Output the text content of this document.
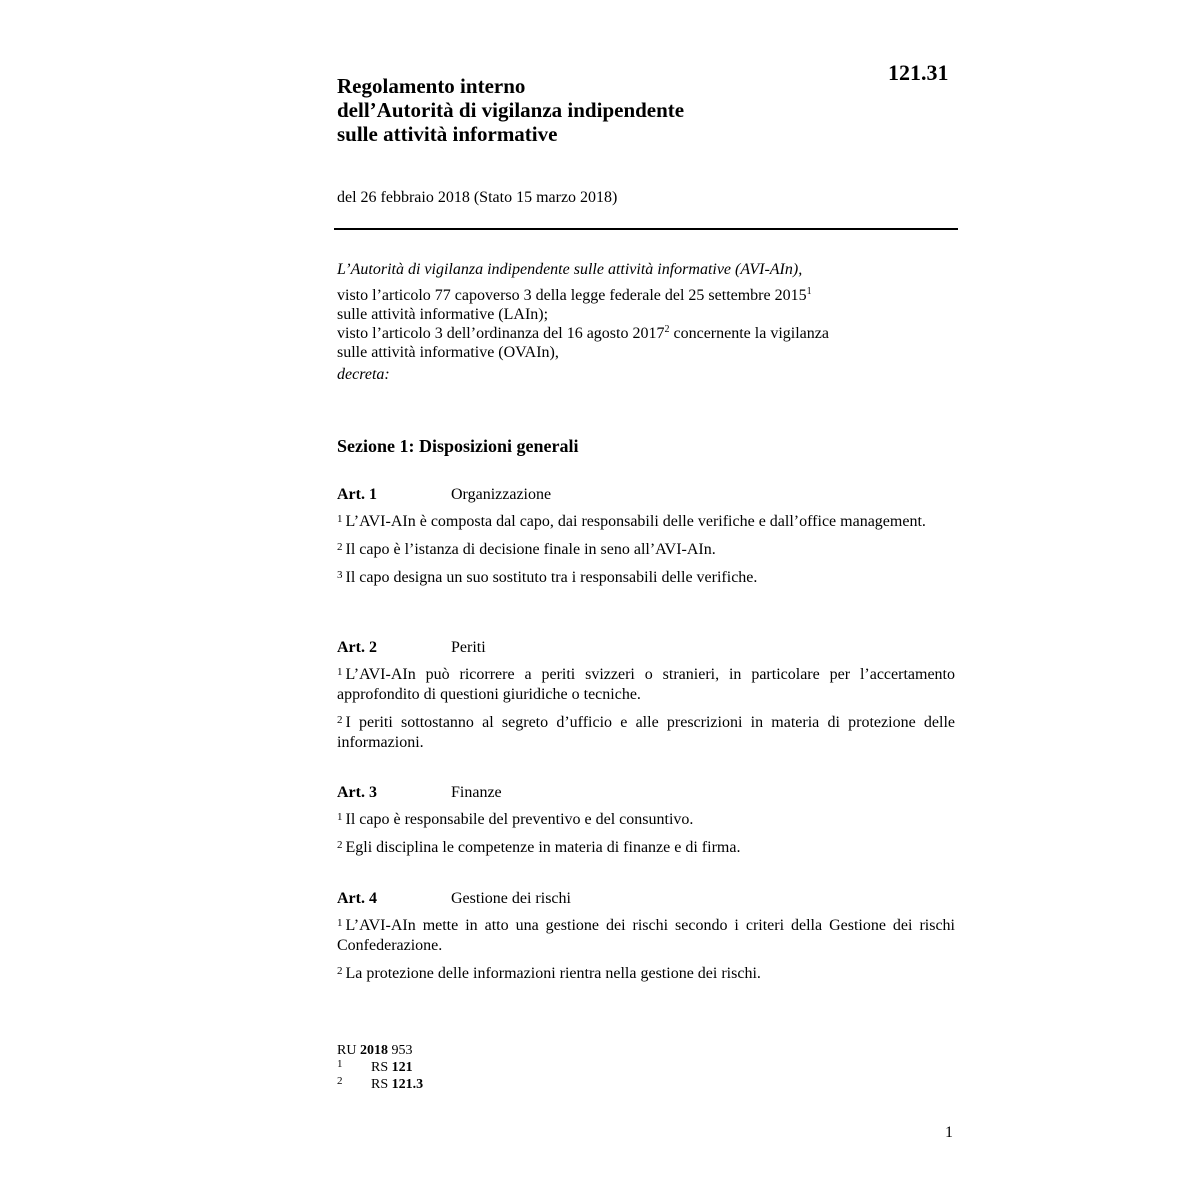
121.31
Regolamento interno
dell’Autorità di vigilanza indipendente
sulle attività informative
del 26 febbraio 2018 (Stato 15 marzo 2018)
L’Autorità di vigilanza indipendente sulle attività informative (AVI-AIn),
visto l’articolo 77 capoverso 3 della legge federale del 25 settembre 2015$^1$
sulle attività informative (LAIn);
visto l’articolo 3 dell’ordinanza del 16 agosto 2017$^2$ concernente la vigilanza
sulle attività informative (OVAIn),
decreta:
Sezione 1: Disposizioni generali
Art. 1	Organizzazione

$^1$ L’AVI-AIn è composta dal capo, dai responsabili delle verifiche e dall’office management.

$^2$ Il capo è l’istanza di decisione finale in seno all’AVI-AIn.

$^3$ Il capo designa un suo sostituto tra i responsabili delle verifiche.

Art. 2	Periti

$^1$ L’AVI-AIn può ricorrere a periti svizzeri o stranieri, in particolare per l’accertamento approfondito di questioni giuridiche o tecniche.

$^2$ I periti sottostanno al segreto d’ufficio e alle prescrizioni in materia di protezione delle informazioni.

Art. 3	Finanze

$^1$ Il capo è responsabile del preventivo e del consuntivo.

$^2$ Egli disciplina le competenze in materia di finanze e di firma.

Art. 4	Gestione dei rischi

$^1$ L’AVI-AIn mette in atto una gestione dei rischi secondo i criteri della Gestione dei rischi Confederazione.

$^2$ La protezione delle informazioni rientra nella gestione dei rischi.

RU 2018 953
1 RS 121
2 RS 121.3
1
